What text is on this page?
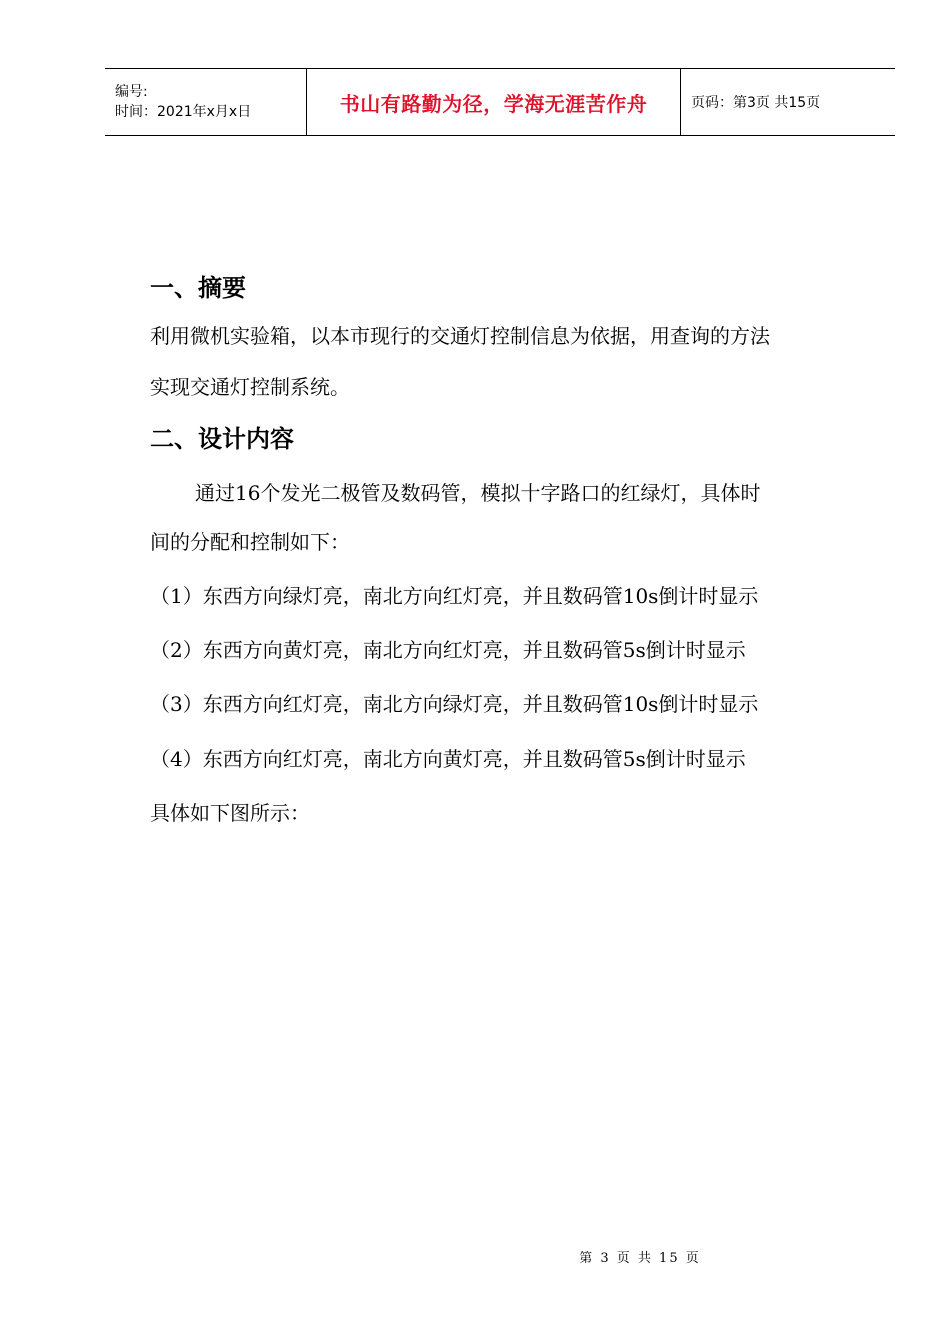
编号:
时间：2021年x月x日	书山有路勤为径，学海无涯苦作舟	页码：第3页 共15页
一、摘要

利用微机实验箱，以本市现行的交通灯控制信息为依据，用查询的方法

实现交通灯控制系统。

二、设计内容

通过16个发光二极管及数码管，模拟十字路口的红绿灯，具体时

间的分配和控制如下：

（1）东西方向绿灯亮，南北方向红灯亮，并且数码管10s倒计时显示

（2）东西方向黄灯亮，南北方向红灯亮，并且数码管5s倒计时显示

（3）东西方向红灯亮，南北方向绿灯亮，并且数码管10s倒计时显示

（4）东西方向红灯亮，南北方向黄灯亮，并且数码管5s倒计时显示

具体如下图所示：

第 3 页 共 15 页
